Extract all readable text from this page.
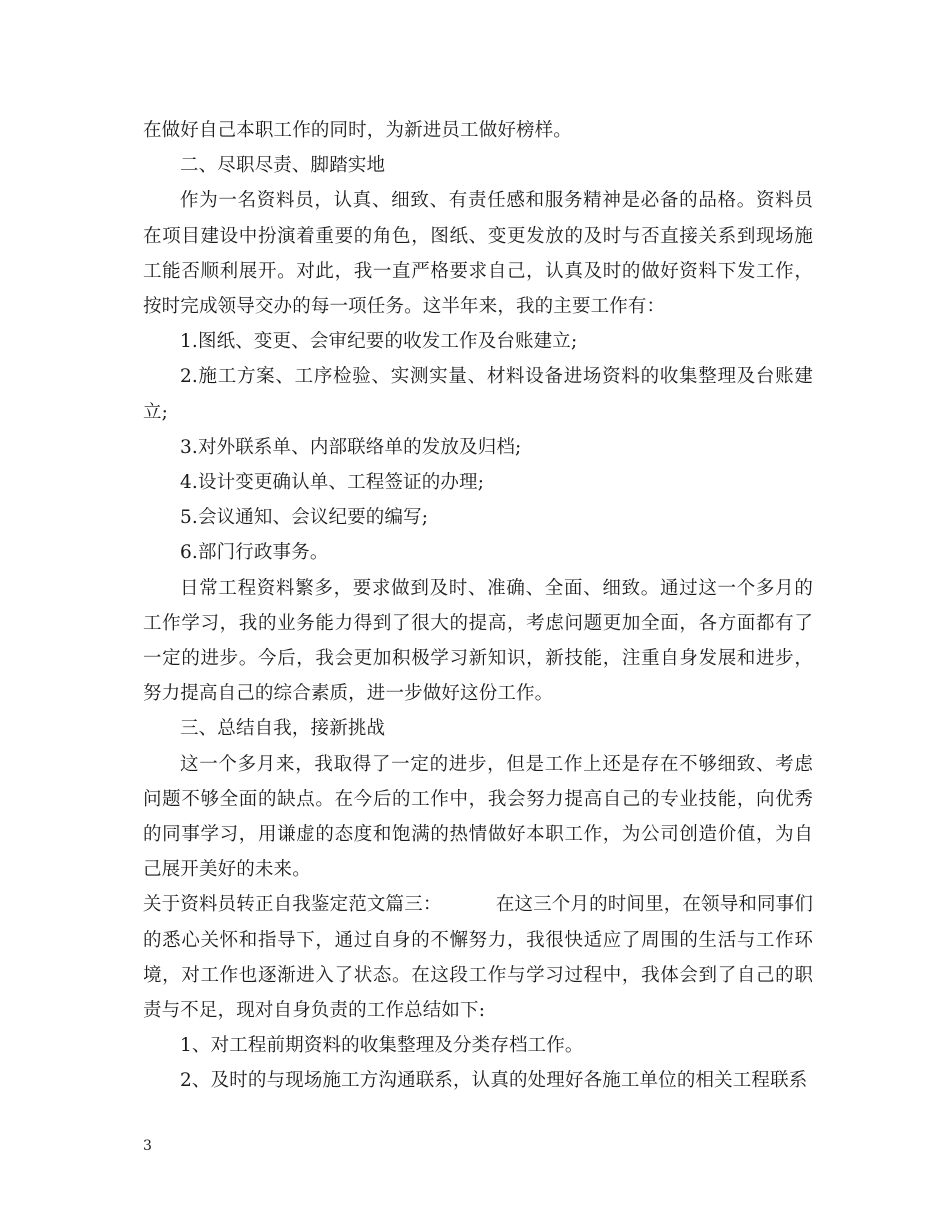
在做好自己本职工作的同时，为新进员工做好榜样。

二、尽职尽责、脚踏实地

作为一名资料员，认真、细致、有责任感和服务精神是必备的品格。资料员在项目建设中扮演着重要的角色，图纸、变更发放的及时与否直接关系到现场施工能否顺利展开。对此，我一直严格要求自己，认真及时的做好资料下发工作，按时完成领导交办的每一项任务。这半年来，我的主要工作有：

1.图纸、变更、会审纪要的收发工作及台账建立;

2.施工方案、工序检验、实测实量、材料设备进场资料的收集整理及台账建立;

3.对外联系单、内部联络单的发放及归档;

4.设计变更确认单、工程签证的办理;

5.会议通知、会议纪要的编写;

6.部门行政事务。

日常工程资料繁多，要求做到及时、准确、全面、细致。通过这一个多月的工作学习，我的业务能力得到了很大的提高，考虑问题更加全面，各方面都有了一定的进步。今后，我会更加积极学习新知识，新技能，注重自身发展和进步，努力提高自己的综合素质，进一步做好这份工作。

三、总结自我，接新挑战

这一个多月来，我取得了一定的进步，但是工作上还是存在不够细致、考虑问题不够全面的缺点。在今后的工作中，我会努力提高自己的专业技能，向优秀的同事学习，用谦虚的态度和饱满的热情做好本职工作，为公司创造价值，为自己展开美好的未来。

关于资料员转正自我鉴定范文篇三：         在这三个月的时间里，在领导和同事们的悉心关怀和指导下，通过自身的不懈努力，我很快适应了周围的生活与工作环境，对工作也逐渐进入了状态。在这段工作与学习过程中，我体会到了自己的职责与不足，现对自身负责的工作总结如下:

1、对工程前期资料的收集整理及分类存档工作。

2、及时的与现场施工方沟通联系，认真的处理好各施工单位的相关工程联系

3
